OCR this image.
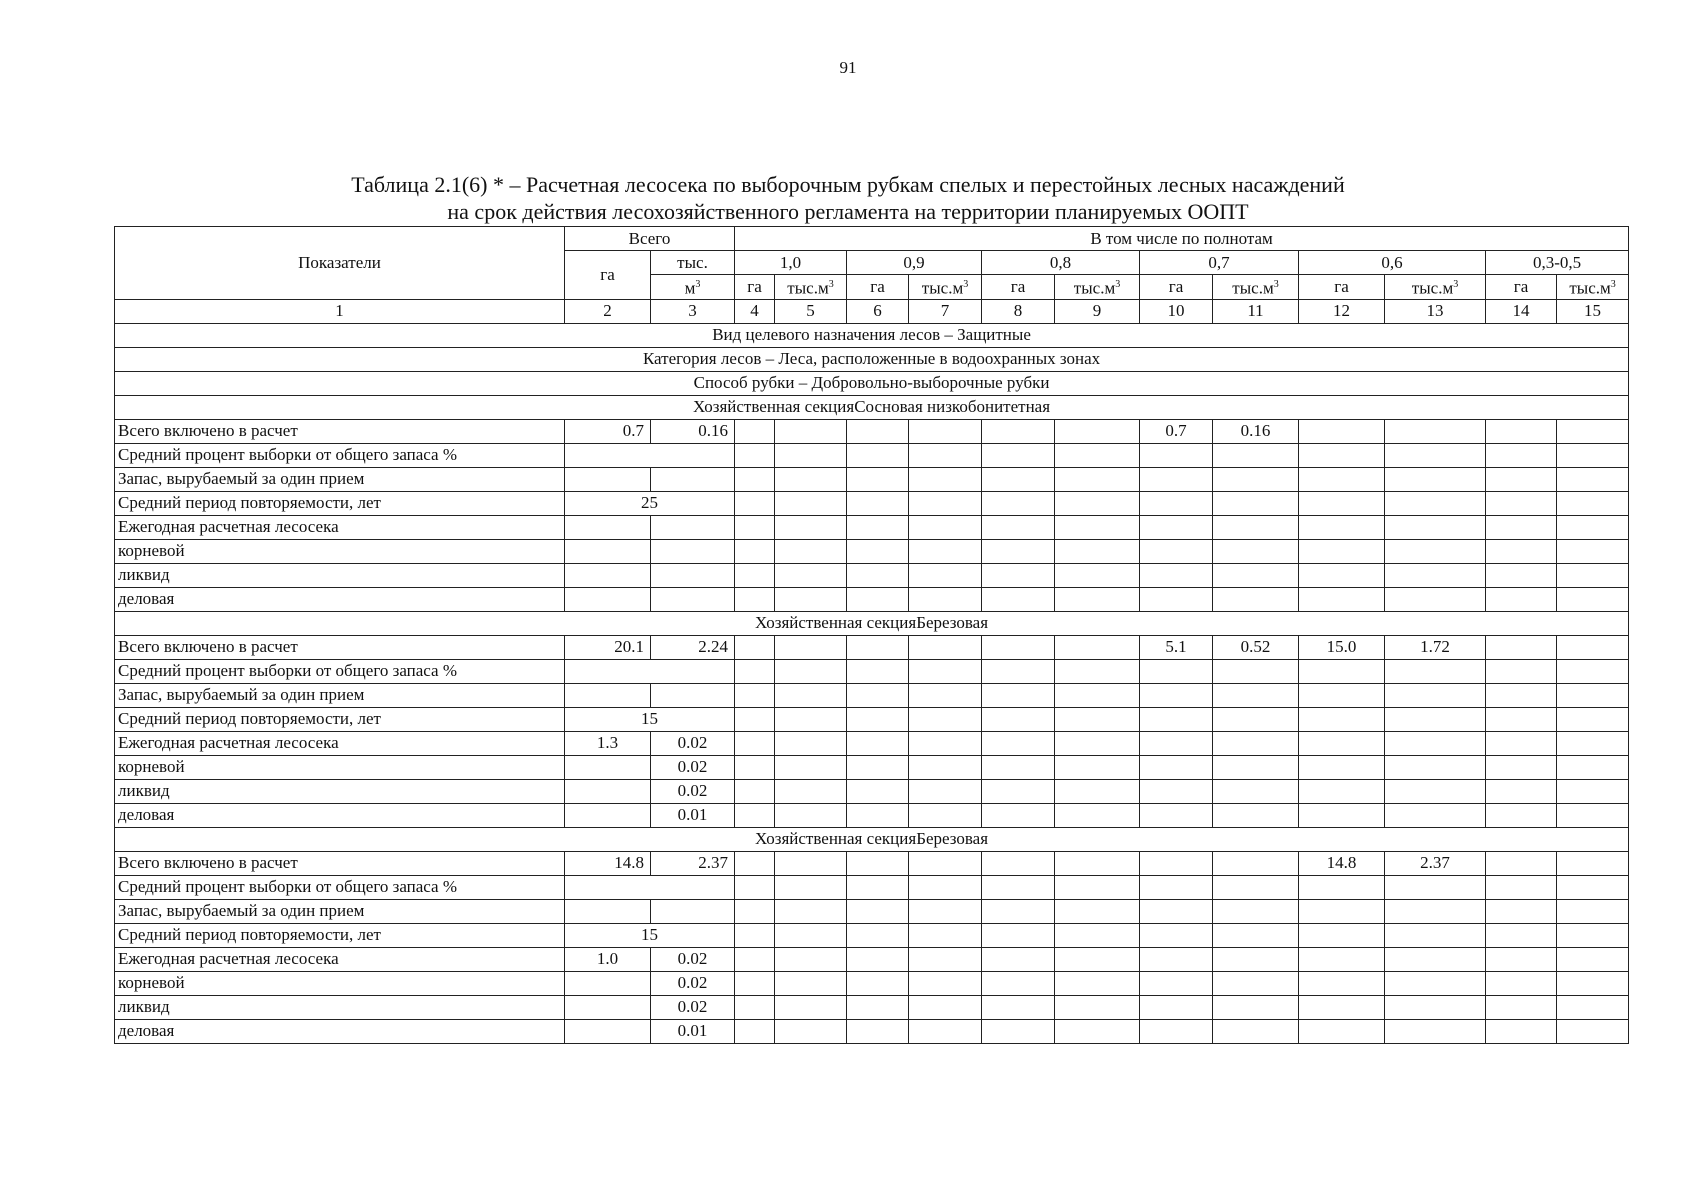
91
Таблица 2.1(6) * – Расчетная лесосека по выборочным рубкам спелых и перестойных лесных насаждений
на срок действия лесохозяйственного регламента на территории планируемых ООПТ
Показатели	Всего		В том числе по полнотам											
	га	тыс.	1,0		0,9		0,8		0,7		0,6		0,3-0,5	
		$м^3$	га	$тыс.м^3$	га	$тыс.м^3$	га	$тыс.м^3$	га	$тыс.м^3$	га	$тыс.м^3$	га	$тыс.м^3$
1	2	3	4	5	6	7	8	9	10	11	12	13	14	15
Вид целевого назначения лесов – Защитные														
Категория лесов – Леса, расположенные в водоохранных зонах														
Способ рубки – Добровольно-выборочные рубки														
Хозяйственная секцияСосновая низкобонитетная														
Всего включено в расчет	0.7	0.16							0.7	0.16				
Средний процент выборки от общего запаса %														
Запас, вырубаемый за один прием														
Средний период повторяемости, лет	25													
Ежегодная расчетная лесосека														
корневой														
ликвид														
деловая														
Хозяйственная секцияБерезовая														
Всего включено в расчет	20.1	2.24							5.1	0.52	15.0	1.72		
Средний процент выборки от общего запаса %														
Запас, вырубаемый за один прием														
Средний период повторяемости, лет	15													
Ежегодная расчетная лесосека	1.3	0.02												
корневой		0.02												
ликвид		0.02												
деловая		0.01												
Хозяйственная секцияБерезовая														
Всего включено в расчет	14.8	2.37									14.8	2.37		
Средний процент выборки от общего запаса %														
Запас, вырубаемый за один прием														
Средний период повторяемости, лет	15													
Ежегодная расчетная лесосека	1.0	0.02												
корневой		0.02												
ликвид		0.02												
деловая		0.01												
